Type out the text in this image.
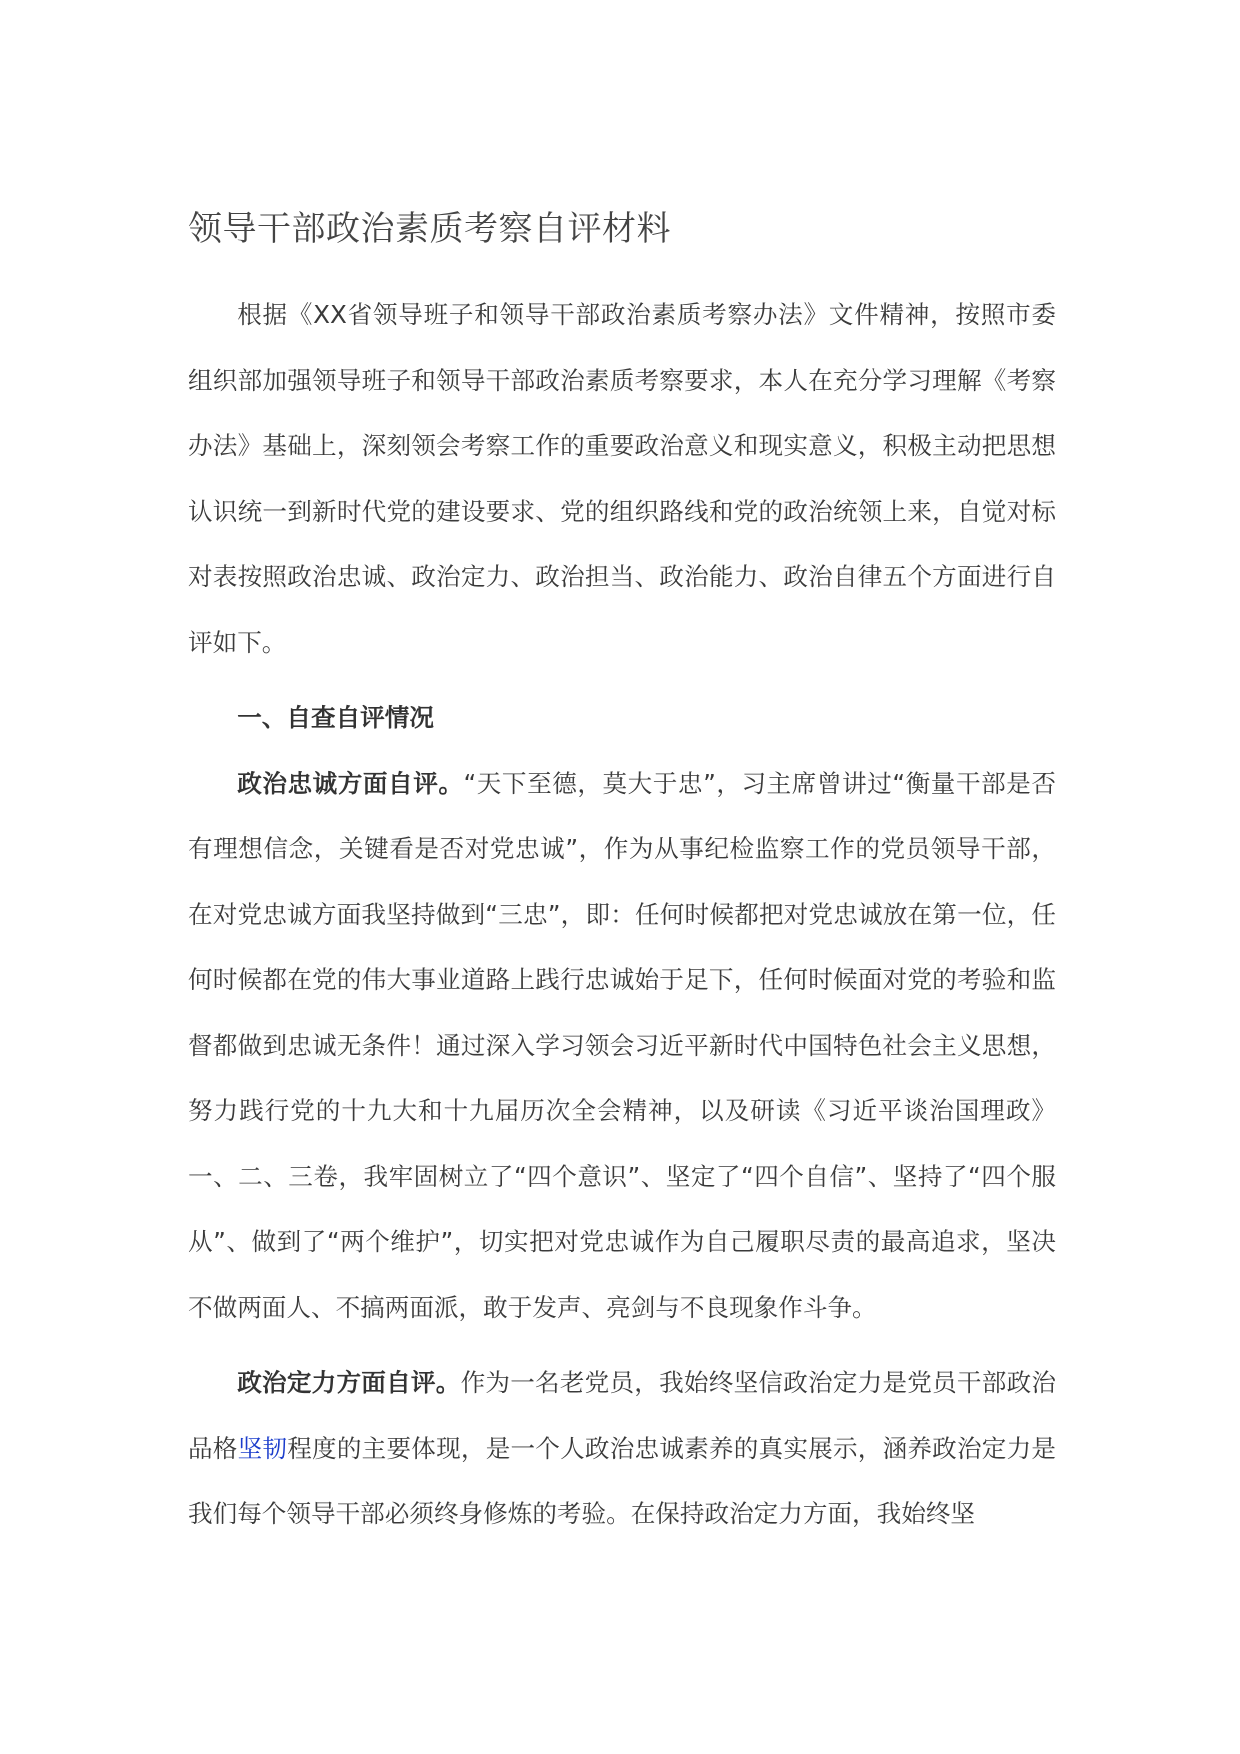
领导干部政治素质考察自评材料

根据《XX省领导班子和领导干部政治素质考察办法》文件精神，按照市委组织部加强领导班子和领导干部政治素质考察要求，本人在充分学习理解《考察办法》基础上，深刻领会考察工作的重要政治意义和现实意义，积极主动把思想认识统一到新时代党的建设要求、党的组织路线和党的政治统领上来，自觉对标对表按照政治忠诚、政治定力、政治担当、政治能力、政治自律五个方面进行自评如下。

一、自查自评情况

政治忠诚方面自评。“天下至德，莫大于忠”，习主席曾讲过“衡量干部是否有理想信念，关键看是否对党忠诚”，作为从事纪检监察工作的党员领导干部，在对党忠诚方面我坚持做到“三忠”，即：任何时候都把对党忠诚放在第一位，任何时候都在党的伟大事业道路上践行忠诚始于足下，任何时候面对党的考验和监督都做到忠诚无条件！通过深入学习领会习近平新时代中国特色社会主义思想，努力践行党的十九大和十九届历次全会精神，以及研读《习近平谈治国理政》一、二、三卷，我牢固树立了“四个意识”、坚定了“四个自信”、坚持了“四个服从”、做到了“两个维护”，切实把对党忠诚作为自己履职尽责的最高追求，坚决不做两面人、不搞两面派，敢于发声、亮剑与不良现象作斗争。

政治定力方面自评。作为一名老党员，我始终坚信政治定力是党员干部政治品格坚韧程度的主要体现，是一个人政治忠诚素养的真实展示，涵养政治定力是我们每个领导干部必须终身修炼的考验。在保持政治定力方面，我始终坚
